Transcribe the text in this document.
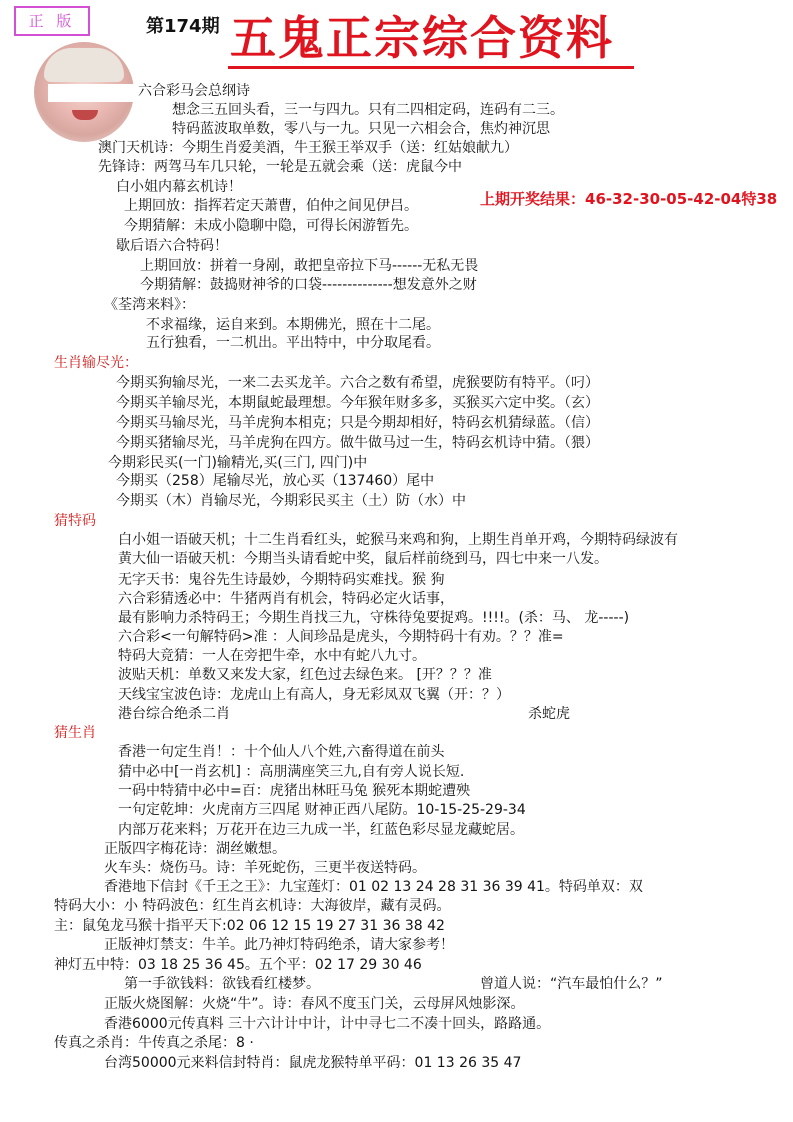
正 版	第174期 五鬼正宗综合资料
上期开奖结果：46-32-30-05-42-04特38
六合彩马会总纲诗
想念三五回头看，三一与四九。只有二四相定码，连码有二三。
特码蓝波取单数，零八与一九。只见一六相会合，焦灼神沉思
澳门天机诗：今期生肖爱美酒，牛王猴王举双手（送：红姑娘献九）
先锋诗：两驾马车几只轮，一轮是五就会乘（送：虎鼠今中
白小姐内幕玄机诗！
上期回放：指挥若定天萧曹，伯仲之间见伊吕。
今期猜解：未成小隐聊中隐，可得长闲游暂先。
歇后语六合特码！
上期回放：拼着一身剐，敢把皇帝拉下马------无私无畏
今期猜解：鼓捣财神爷的口袋--------------想发意外之财
《荃湾来料》：
不求福缘，运自来到。本期佛光，照在十二尾。
五行独看，一二机出。平出特中，中分取尾看。
生肖输尽光：
今期买狗输尽光，一来二去买龙羊。六合之数有希望，虎猴要防有特平。（叼）
今期买羊输尽光，本期鼠蛇最理想。今年猴年财多多，买猴买六定中奖。（玄）
今期买马输尽光，马羊虎狗本相克；只是今期却相好，特码玄机猜绿蓝。（信）
今期买猪输尽光，马羊虎狗在四方。做牛做马过一生，特码玄机诗中猜。（猥）
今期彩民买(一门)输精光,买(三门, 四门)中
今期买（258）尾输尽光，放心买（137460）尾中
今期买（木）肖输尽光，今期彩民买主（土）防（水）中
猜特码
白小姐一语破天机；十二生肖看红头，蛇猴马来鸡和狗，上期生肖单开鸡，今期特码绿波有
黄大仙一语破天机：今期当头请看蛇中奖，鼠后样前绕到马，四七中来一八发。
无字天书：鬼谷先生诗最妙，今期特码实难找。猴 狗
六合彩猜透必中：牛猪两肖有机会，特码必定火话事，
最有影响力杀特码王；今期生肖找三九，守株待兔要捉鸡。!!!!。(杀：马、 龙-----)
六合彩<一句解特码>准 ：人间珍品是虎头，今期特码十有劝。？？准=
特码大竞猜：一人在旁把牛牵，水中有蛇八九寸。
波贴天机：单数又来发大家，红色过去绿色来。 [开？？？准
天线宝宝波色诗：龙虎山上有高人，身无彩凤双飞翼（开：？）
港台综合绝杀二肖	杀蛇虎
猜生肖
香港一句定生肖！：十个仙人八个姓,六畜得道在前头
猜中必中[一肖玄机] ：高朋满座笑三九,自有旁人说长短.
一码中特猜中必中=百：虎猪出林旺马兔 猴死本期蛇遭殃
一句定乾坤：火虎南方三四尾 财神正西八尾防。10-15-25-29-34
内部万花来料；万花开在边三九成一半，红蓝色彩尽显龙藏蛇居。
正版四字梅花诗：湖丝嫩想。
火车头：烧伤马。诗：羊死蛇伤，三更半夜送特码。
香港地下信封《千王之王》：九宝莲灯：01 02 13 24 28 31 36 39 41。特码单双：双
特码大小：小 特码波色：红生肖玄机诗：大海彼岸，藏有灵码。
主：鼠兔龙马猴十指平天下:02 06 12 15 19 27 31 36 38 42
正版神灯禁支：牛羊。此乃神灯特码绝杀，请大家参考！
神灯五中特：03 18 25 36 45。五个平：02 17 29 30 46
第一手欲钱料：欲钱看红楼梦。	曾道人说：“汽车最怕什么？”
正版火烧图解：火烧“牛”。诗：春风不度玉门关，云母屏风烛影深。
香港6000元传真料 三十六计计中计，计中寻七二不凑十回头，路路通。
传真之杀肖：牛传真之杀尾：8 ·
台湾50000元来料信封特肖：鼠虎龙猴特单平码：01 13 26 35 47
